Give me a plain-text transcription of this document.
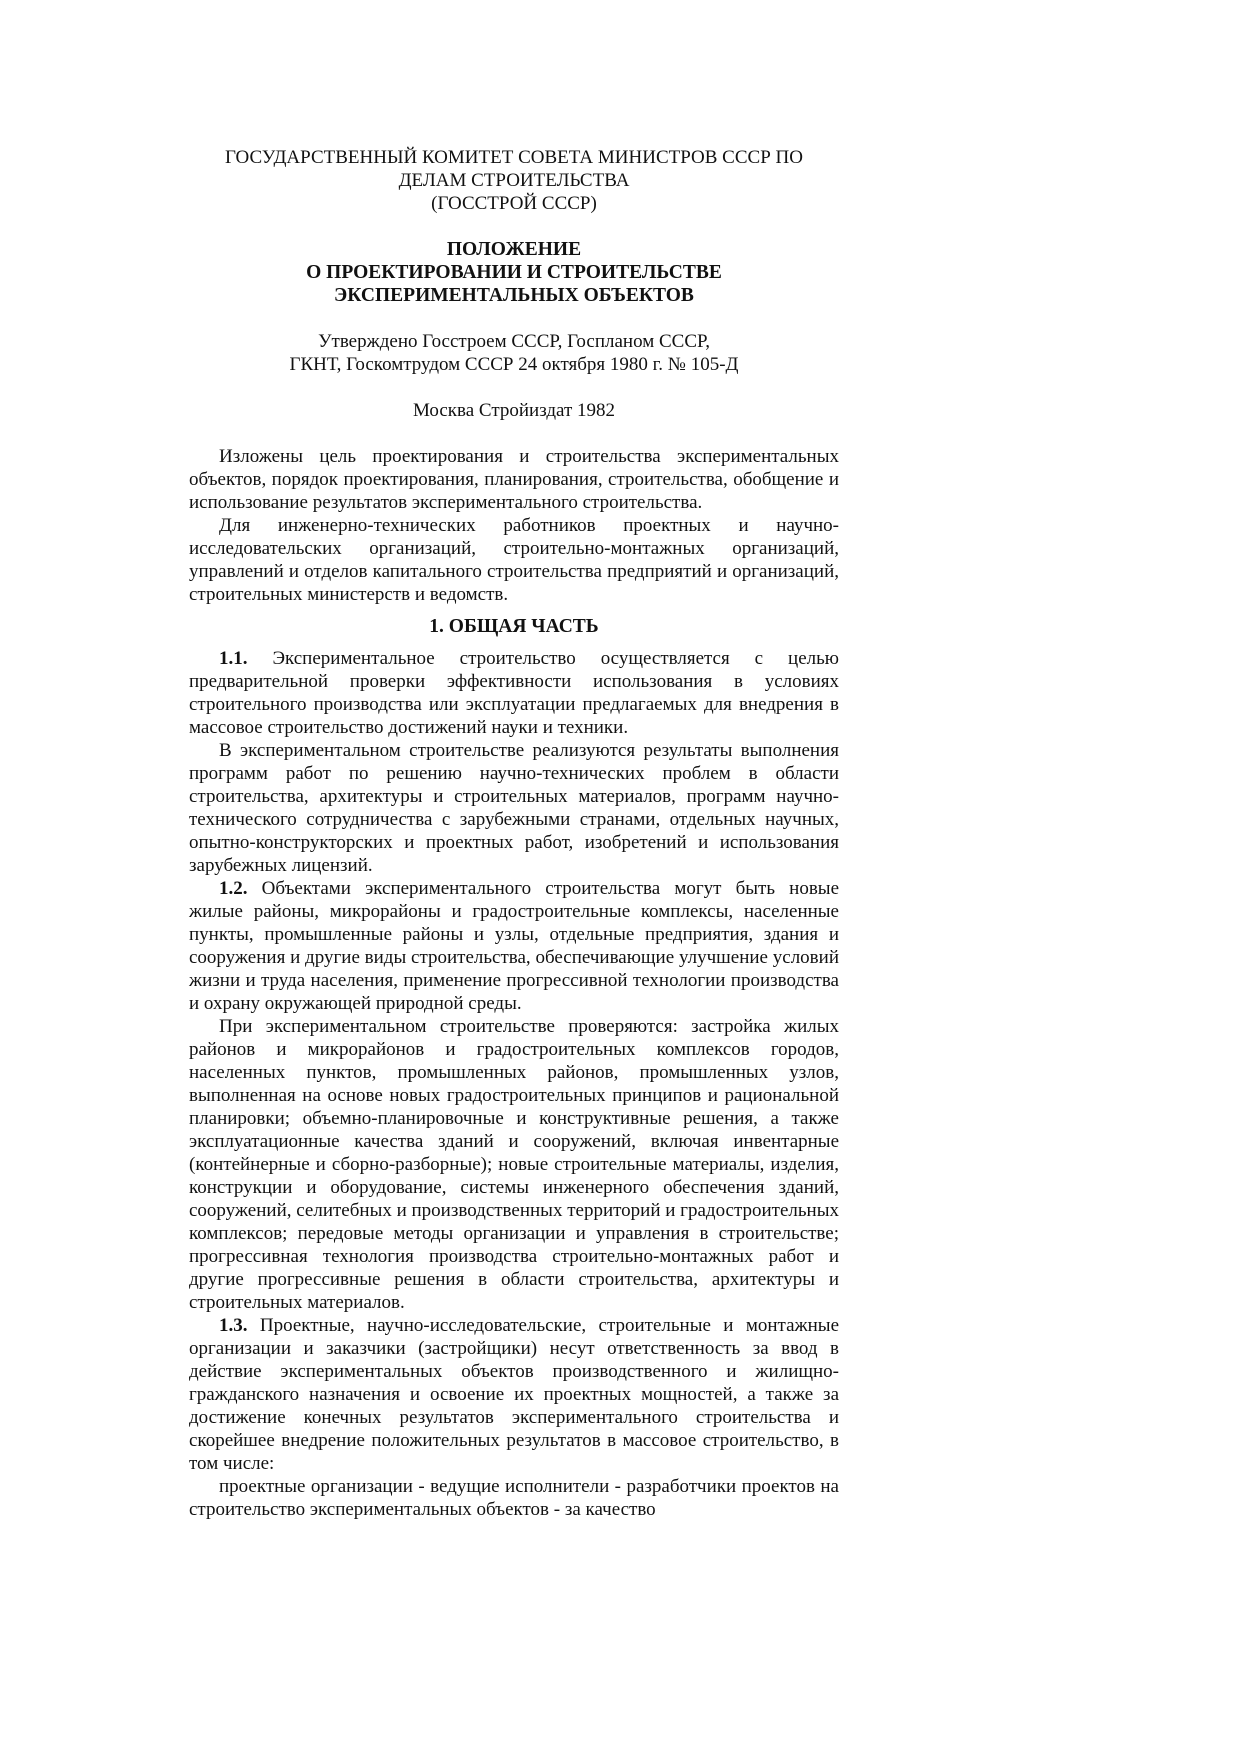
ГОСУДАРСТВЕННЫЙ КОМИТЕТ СОВЕТА МИНИСТРОВ СССР ПО
ДЕЛАМ СТРОИТЕЛЬСТВА
(ГОССТРОЙ СССР)
ПОЛОЖЕНИЕ
О ПРОЕКТИРОВАНИИ И СТРОИТЕЛЬСТВЕ
ЭКСПЕРИМЕНТАЛЬНЫХ ОБЪЕКТОВ
Утверждено Госстроем СССР, Госпланом СССР,
ГКНТ, Госкомтрудом СССР 24 октября 1980 г. № 105-Д
Москва Стройиздат 1982

Изложены цель проектирования и строительства экспериментальных объектов, порядок проектирования, планирования, строительства, обобщение и использование результатов экспериментального строительства.

Для инженерно-технических работников проектных и научно-исследовательских организаций, строительно-монтажных организаций, управлений и отделов капитального строительства предприятий и организаций, строительных министерств и ведомств.

1. ОБЩАЯ ЧАСТЬ

1.1. Экспериментальное строительство осуществляется с целью предварительной проверки эффективности использования в условиях строительного производства или эксплуатации предлагаемых для внедрения в массовое строительство достижений науки и техники.

В экспериментальном строительстве реализуются результаты выполнения программ работ по решению научно-технических проблем в области строительства, архитектуры и строительных материалов, программ научно-технического сотрудничества с зарубежными странами, отдельных научных, опытно-конструкторских и проектных работ, изобретений и использования зарубежных лицензий.

1.2. Объектами экспериментального строительства могут быть новые жилые районы, микрорайоны и градостроительные комплексы, населенные пункты, промышленные районы и узлы, отдельные предприятия, здания и сооружения и другие виды строительства, обеспечивающие улучшение условий жизни и труда населения, применение прогрессивной технологии производства и охрану окружающей природной среды.

При экспериментальном строительстве проверяются: застройка жилых районов и микрорайонов и градостроительных комплексов городов, населенных пунктов, промышленных районов, промышленных узлов, выполненная на основе новых градостроительных принципов и рациональной планировки; объемно-планировочные и конструктивные решения, а также эксплуатационные качества зданий и сооружений, включая инвентарные (контейнерные и сборно-разборные); новые строительные материалы, изделия, конструкции и оборудование, системы инженерного обеспечения зданий, сооружений, селитебных и производственных территорий и градостроительных комплексов; передовые методы организации и управления в строительстве; прогрессивная технология производства строительно-монтажных работ и другие прогрессивные решения в области строительства, архитектуры и строительных материалов.

1.3. Проектные, научно-исследовательские, строительные и монтажные организации и заказчики (застройщики) несут ответственность за ввод в действие экспериментальных объектов производственного и жилищно-гражданского назначения и освоение их проектных мощностей, а также за достижение конечных результатов экспериментального строительства и скорейшее внедрение положительных результатов в массовое строительство, в том числе:

проектные организации - ведущие исполнители - разработчики проектов на строительство экспериментальных объектов - за качество
